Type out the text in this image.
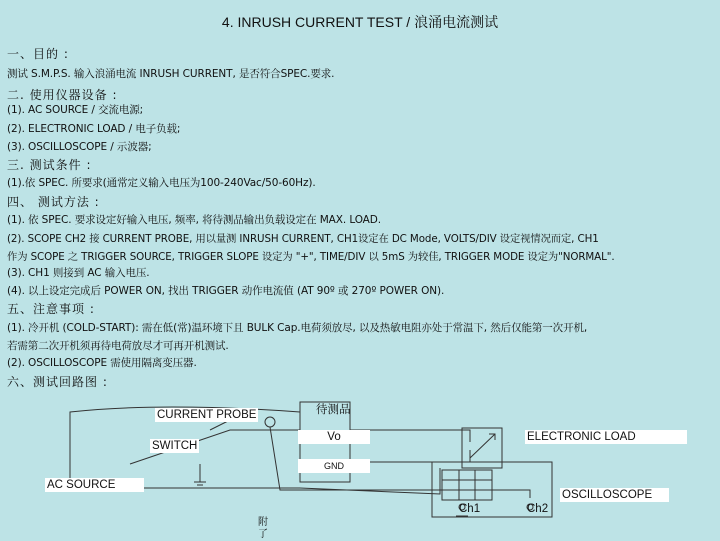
4. INRUSH CURRENT TEST / 浪涌电流测试
一、目的 :
测试 S.M.P.S. 输入浪涌电流 INRUSH CURRENT, 是否符合SPEC.要求.
二. 使用仪器设备 :
(1). AC SOURCE / 交流电源;
(2). ELECTRONIC LOAD / 电子负载;
(3). OSCILLOSCOPE / 示波器;
三. 测试条件 :
(1).依 SPEC. 所要求(通常定义输入电压为100-240Vac/50-60Hz).
四、 测试方法 :
(1). 依 SPEC. 要求设定好输入电压, 频率, 将待测品输出负载设定在 MAX. LOAD.
(2). SCOPE CH2 接 CURRENT PROBE, 用以量测 INRUSH CURRENT, CH1设定在 DC Mode, VOLTS/DIV 设定视情况而定, CH1
作为 SCOPE 之 TRIGGER SOURCE, TRIGGER SLOPE 设定为 "+", TIME/DIV 以 5mS 为较佳, TRIGGER MODE 设定为"NORMAL".
(3). CH1 则接到 AC 输入电压.
(4). 以上设定完成后 POWER ON, 找出 TRIGGER 动作电流值 (AT 90º 或 270º POWER ON).
五、注意事项 :
(1). 冷开机 (COLD-START): 需在低(常)温环境下且 BULK Cap.电荷须放尽, 以及热敏电阻亦处于常温下, 然后仅能第一次开机,
若需第二次开机须再待电荷放尽才可再开机测试.
(2). OSCILLOSCOPE 需使用隔离变压器.
六、测试回路图 :
CURRENT PROBE	待测品
Vo
SWITCH
ELECTRONIC LOAD
GND
AC SOURCE
OSCILLOSCOPE
Ch1	Ch2
附
了
